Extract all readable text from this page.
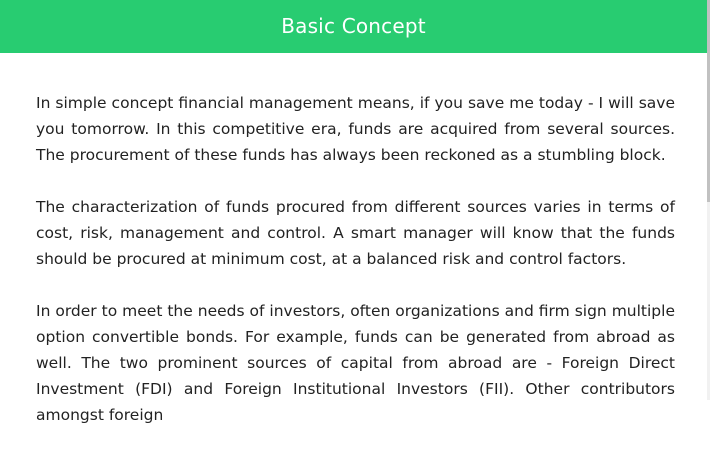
Basic Concept

In simple concept financial management means, if you save me today - I will save you tomorrow. In this competitive era, funds are acquired from several sources. The procurement of these funds has always been reckoned as a stumbling block.

The characterization of funds procured from different sources varies in terms of cost, risk, management and control. A smart manager will know that the funds should be procured at minimum cost, at a balanced risk and control factors.

In order to meet the needs of investors, often organizations and firm sign multiple option convertible bonds. For example, funds can be generated from abroad as well. The two prominent sources of capital from abroad are - Foreign Direct Investment (FDI) and Foreign Institutional Investors (FII). Other contributors amongst foreign
